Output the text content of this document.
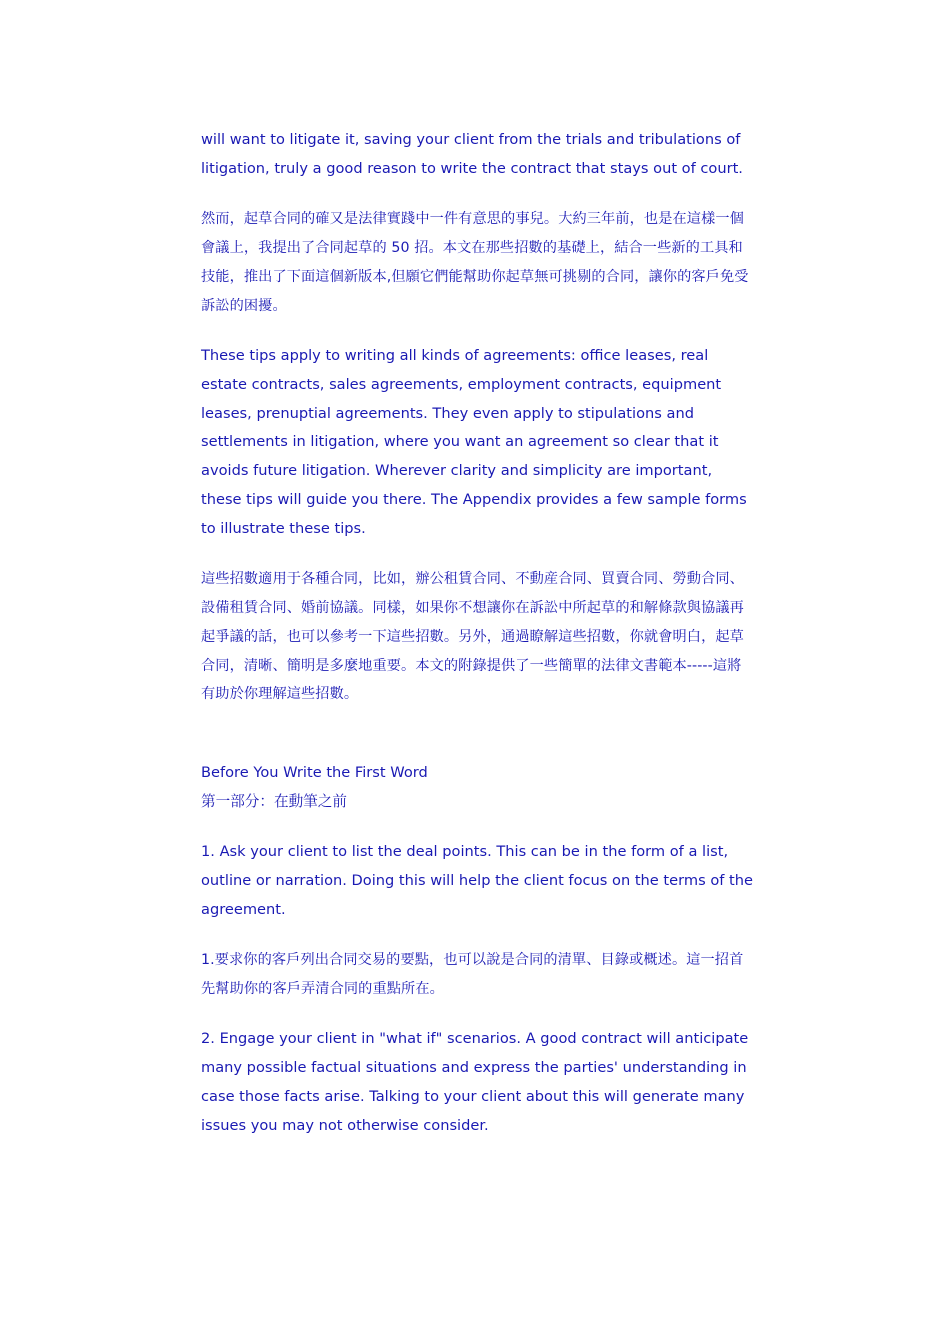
will want to litigate it, saving your client from the trials and tribulations of litigation, truly a good reason to write the contract that stays out of court.

然而，起草合同的確又是法律實踐中一件有意思的事兒。大約三年前，也是在這樣一個會議上，我提出了合同起草的 50 招。本文在那些招數的基礎上，結合一些新的工具和技能，推出了下面這個新版本,但願它們能幫助你起草無可挑剔的合同，讓你的客戶免受訴訟的困擾。

These tips apply to writing all kinds of agreements: office leases, real estate contracts, sales agreements, employment contracts, equipment leases, prenuptial agreements. They even apply to stipulations and settlements in litigation, where you want an agreement so clear that it avoids future litigation. Wherever clarity and simplicity are important, these tips will guide you there. The Appendix provides a few sample forms to illustrate these tips.

這些招數適用于各種合同，比如，辦公租賃合同、不動産合同、買賣合同、勞動合同、設備租賃合同、婚前協議。同樣，如果你不想讓你在訴訟中所起草的和解條款與協議再起爭議的話，也可以參考一下這些招數。另外，通過瞭解這些招數，你就會明白，起草合同，清晰、簡明是多麼地重要。本文的附錄提供了一些簡單的法律文書範本-----這將有助於你理解這些招數。

Before You Write the First Word
第一部分：在動筆之前

1. Ask your client to list the deal points. This can be in the form of a list, outline or narration. Doing this will help the client focus on the terms of the agreement.

1.要求你的客戶列出合同交易的要點，也可以說是合同的清單、目錄或概述。這一招首先幫助你的客戶弄清合同的重點所在。

2. Engage your client in "what if" scenarios. A good contract will anticipate many possible factual situations and express the parties' understanding in case those facts arise. Talking to your client about this will generate many issues you may not otherwise consider.
